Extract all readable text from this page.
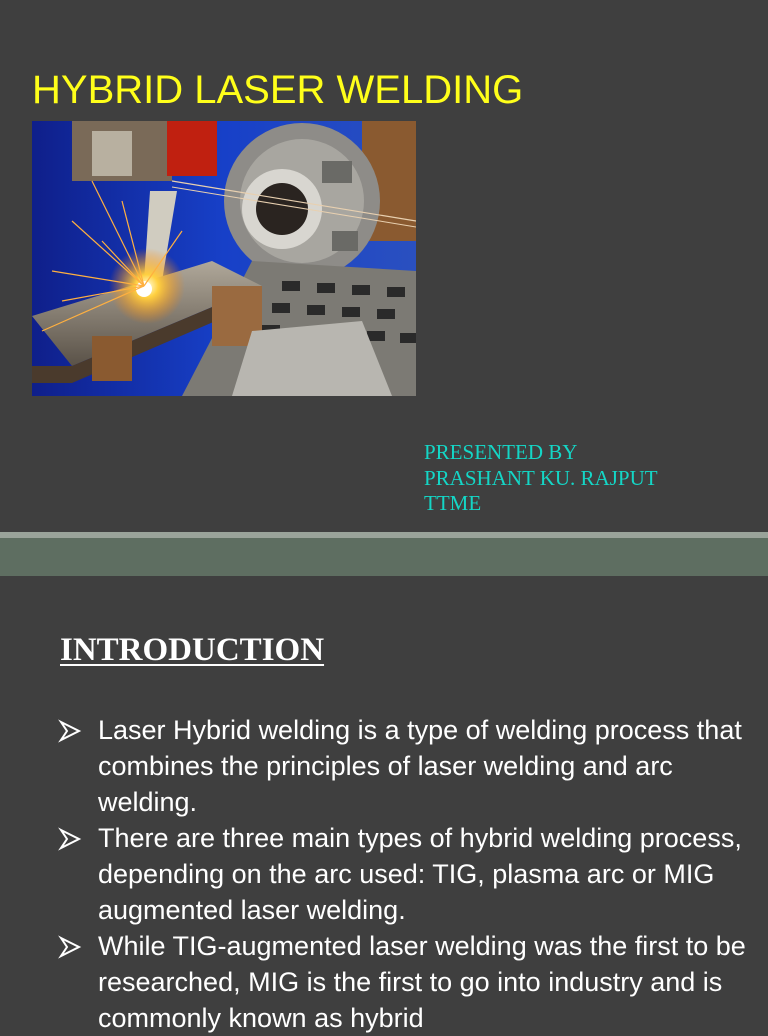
HYBRID LASER WELDING
PRESENTED BY
PRASHANT KU. RAJPUT
TTME
INTRODUCTION
Laser Hybrid welding is a type of welding process that combines the principles of laser welding and arc welding.
There are three main types of hybrid welding process, depending on the arc used: TIG, plasma arc or MIG augmented laser welding.
While TIG-augmented laser welding was the first to be researched, MIG is the first to go into industry and is commonly known as hybrid
